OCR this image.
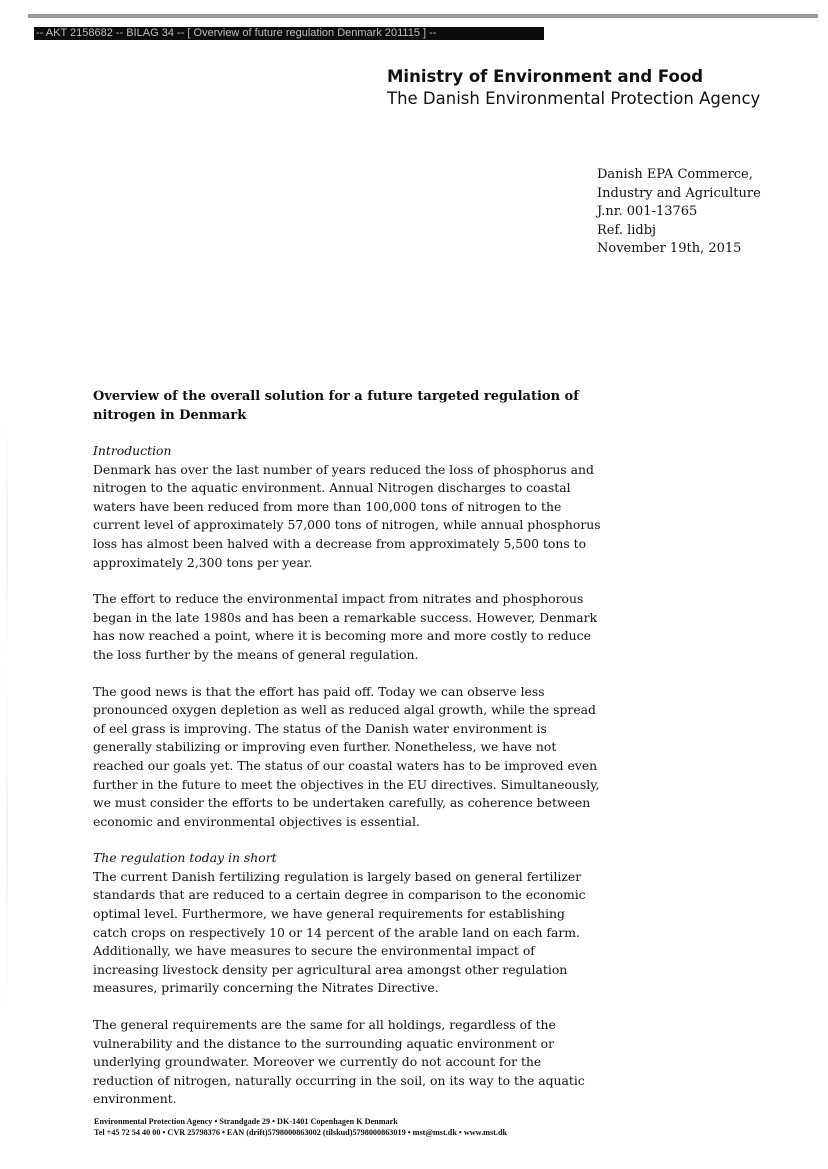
-- AKT 2158682 -- BILAG 34 -- [ Overview of future regulation Denmark 201115 ] --
Ministry of Environment and Food
The Danish Environmental Protection Agency
Danish EPA Commerce,
Industry and Agriculture
J.nr. 001-13765
Ref. lidbj
November 19th, 2015

Overview of the overall solution for a future targeted regulation of nitrogen in Denmark

Introduction

Denmark has over the last number of years reduced the loss of phosphorus and nitrogen to the aquatic environment. Annual Nitrogen discharges to coastal waters have been reduced from more than 100,000 tons of nitrogen to the current level of approximately 57,000 tons of nitrogen, while annual phosphorus loss has almost been halved with a decrease from approximately 5,500 tons to approximately 2,300 tons per year.

The effort to reduce the environmental impact from nitrates and phosphorous began in the late 1980s and has been a remarkable success. However, Denmark has now reached a point, where it is becoming more and more costly to reduce the loss further by the means of general regulation.

The good news is that the effort has paid off. Today we can observe less pronounced oxygen depletion as well as reduced algal growth, while the spread of eel grass is improving. The status of the Danish water environment is generally stabilizing or improving even further. Nonetheless, we have not reached our goals yet. The status of our coastal waters has to be improved even further in the future to meet the objectives in the EU directives. Simultaneously, we must consider the efforts to be undertaken carefully, as coherence between economic and environmental objectives is essential.

The regulation today in short

The current Danish fertilizing regulation is largely based on general fertilizer standards that are reduced to a certain degree in comparison to the economic optimal level. Furthermore, we have general requirements for establishing catch crops on respectively 10 or 14 percent of the arable land on each farm. Additionally, we have measures to secure the environmental impact of increasing livestock density per agricultural area amongst other regulation measures, primarily concerning the Nitrates Directive.

The general requirements are the same for all holdings, regardless of the vulnerability and the distance to the surrounding aquatic environment or underlying groundwater. Moreover we currently do not account for the reduction of nitrogen, naturally occurring in the soil, on its way to the aquatic environment.

Environmental Protection Agency • Strandgade 29 • DK-1401 Copenhagen K Denmark
Tel +45 72 54 40 00 • CVR 25798376 • EAN (drift)5798000863002 (tilskud)5798000863019 • mst@mst.dk • www.mst.dk
